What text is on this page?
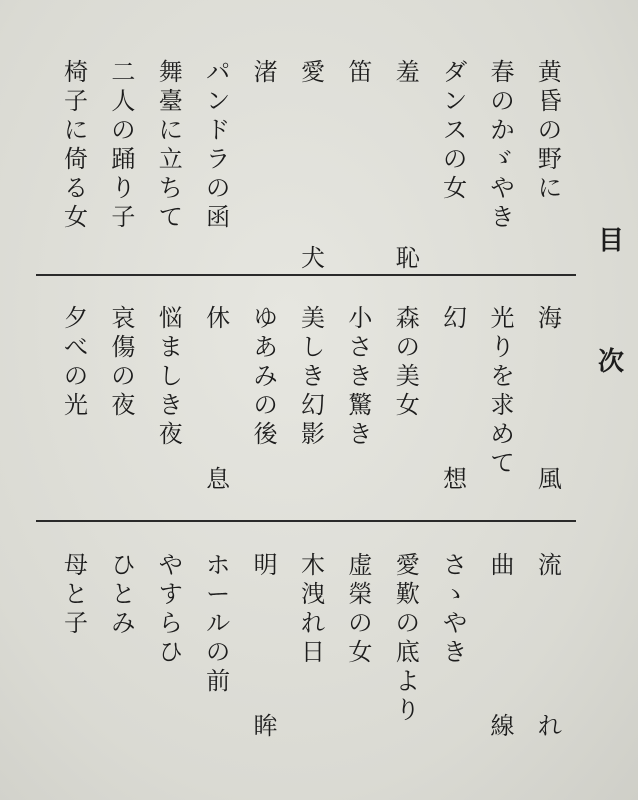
目
次
黄
昏
の
野
に
春
の
か
ゞ
や
き
ダ
ン
ス
の
女
羞
恥
笛
愛
犬
渚
パ
ン
ド
ラ
の
函
舞
臺
に
立
ち
て
二
人
の
踊
り
子
椅
子
に
倚
る
女
海
風
光
り
を
求
め
て
幻
想
森
の
美
女
小
さ
き
驚
き
美
し
き
幻
影
ゆ
あ
み
の
後
休
息
悩
ま
し
き
夜
哀
傷
の
夜
夕
べ
の
光
流
れ
曲
線
さ
ゝ
や
き
愛
歎
の
底
よ
り
虚
榮
の
女
木
洩
れ
日
明
眸
ホ
ー
ル
の
前
や
す
ら
ひ
ひ
と
み
母
と
子
